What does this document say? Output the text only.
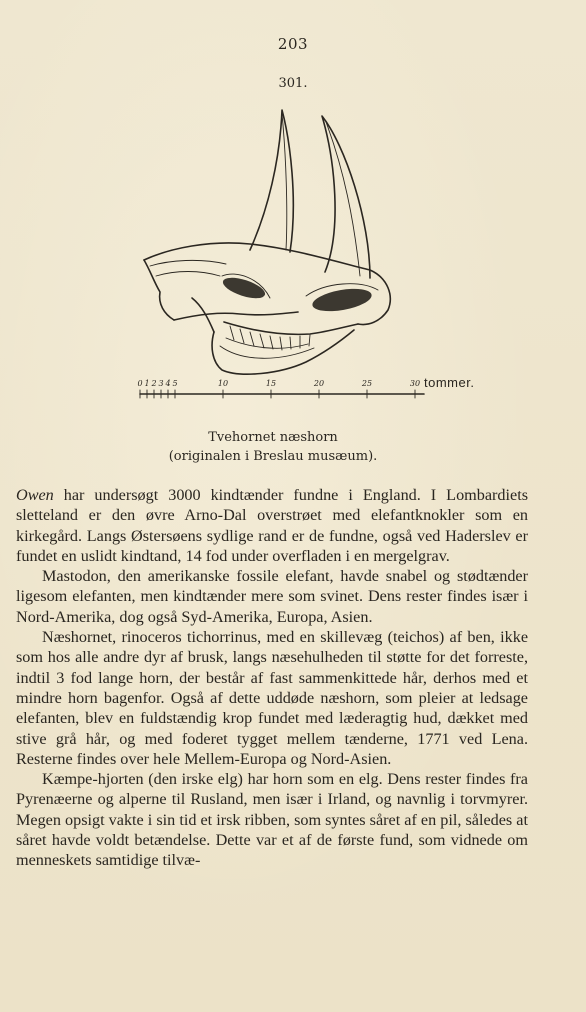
203
301.
0 1 2 3 4 5	10	15	20	25	30 tommer.
Tvehornet næshorn
(originalen i Breslau musæum).

Owen har undersøgt 3000 kindtænder fundne i England. I Lombardiets sletteland er den øvre Arno-Dal overstrøet med elefantknokler som en kirkegård. Langs Østersøens sydlige rand er de fundne, også ved Haderslev er fundet en uslidt kindtand, 14 fod under overfladen i en mergelgrav.

Mastodon, den amerikanske fossile elefant, havde snabel og stødtænder ligesom elefanten, men kindtænder mere som svinet. Dens rester findes især i Nord-Amerika, dog også Syd-Amerika, Europa, Asien.

Næshornet, rinoceros tichorrinus, med en skillevæg (teichos) af ben, ikke som hos alle andre dyr af brusk, langs næsehulheden til støtte for det forreste, indtil 3 fod lange horn, der består af fast sammenkittede hår, derhos med et mindre horn bagenfor. Også af dette uddøde næshorn, som pleier at ledsage elefanten, blev en fuldstændig krop fundet med læderagtig hud, dækket med stive grå hår, og med foderet tygget mellem tænderne, 1771 ved Lena. Resterne findes over hele Mellem-Europa og Nord-Asien.

Kæmpe-hjorten (den irske elg) har horn som en elg. Dens rester findes fra Pyrenæerne og alperne til Rusland, men især i Irland, og navnlig i torvmyrer. Megen opsigt vakte i sin tid et irsk ribben, som syntes såret af en pil, således at såret havde voldt betændelse. Dette var et af de første fund, som vidnede om menneskets samtidige tilvæ-
